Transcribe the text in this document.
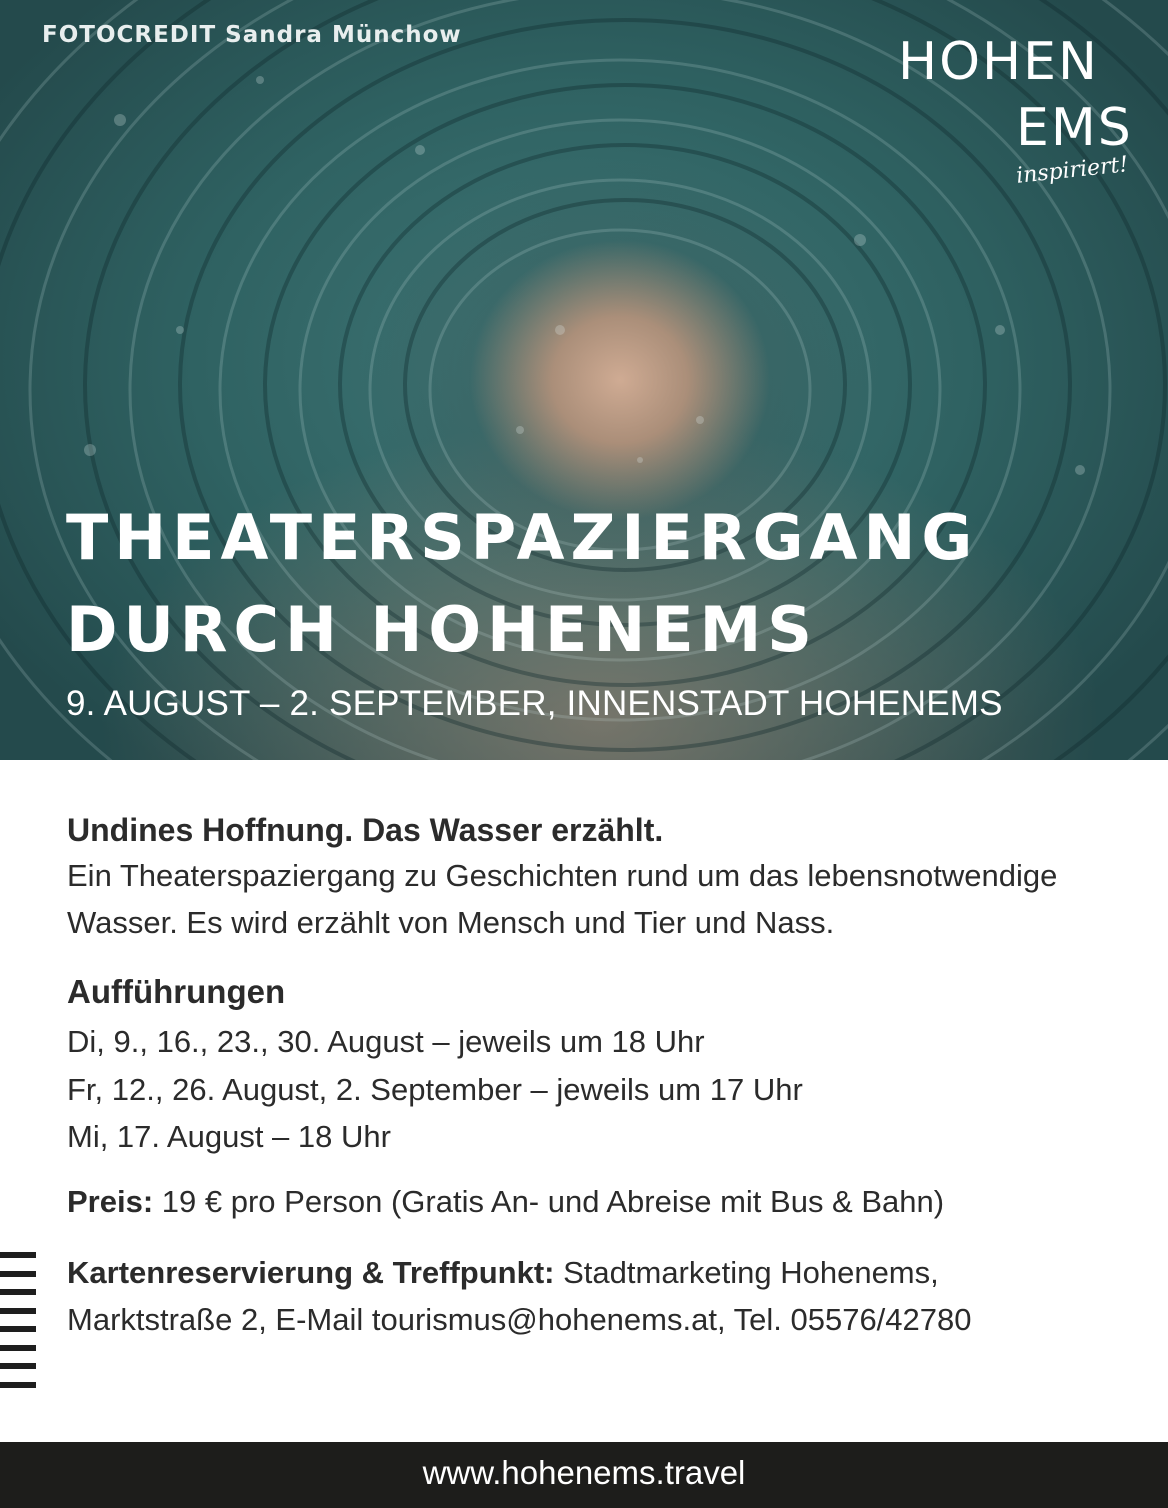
FOTOCREDIT Sandra Münchow	HOHEN
EMS
inspiriert!
THEATERSPAZIERGANG
DURCH HOHENEMS
9. AUGUST – 2. SEPTEMBER, INNENSTADT HOHENEMS
Undines Hoffnung. Das Wasser erzählt.
Ein Theaterspaziergang zu Geschichten rund um das lebensnotwendige Wasser. Es wird erzählt von Mensch und Tier und Nass.
Aufführungen
Di, 9., 16., 23., 30. August – jeweils um 18 Uhr
Fr, 12., 26. August, 2. September – jeweils um 17 Uhr
Mi, 17. August – 18 Uhr
Preis: 19 € pro Person (Gratis An- und Abreise mit Bus & Bahn)
Kartenreservierung & Treffpunkt: Stadtmarketing Hohenems,
Marktstraße 2, E-Mail tourismus@hohenems.at, Tel. 05576/42780
www.hohenems.travel
